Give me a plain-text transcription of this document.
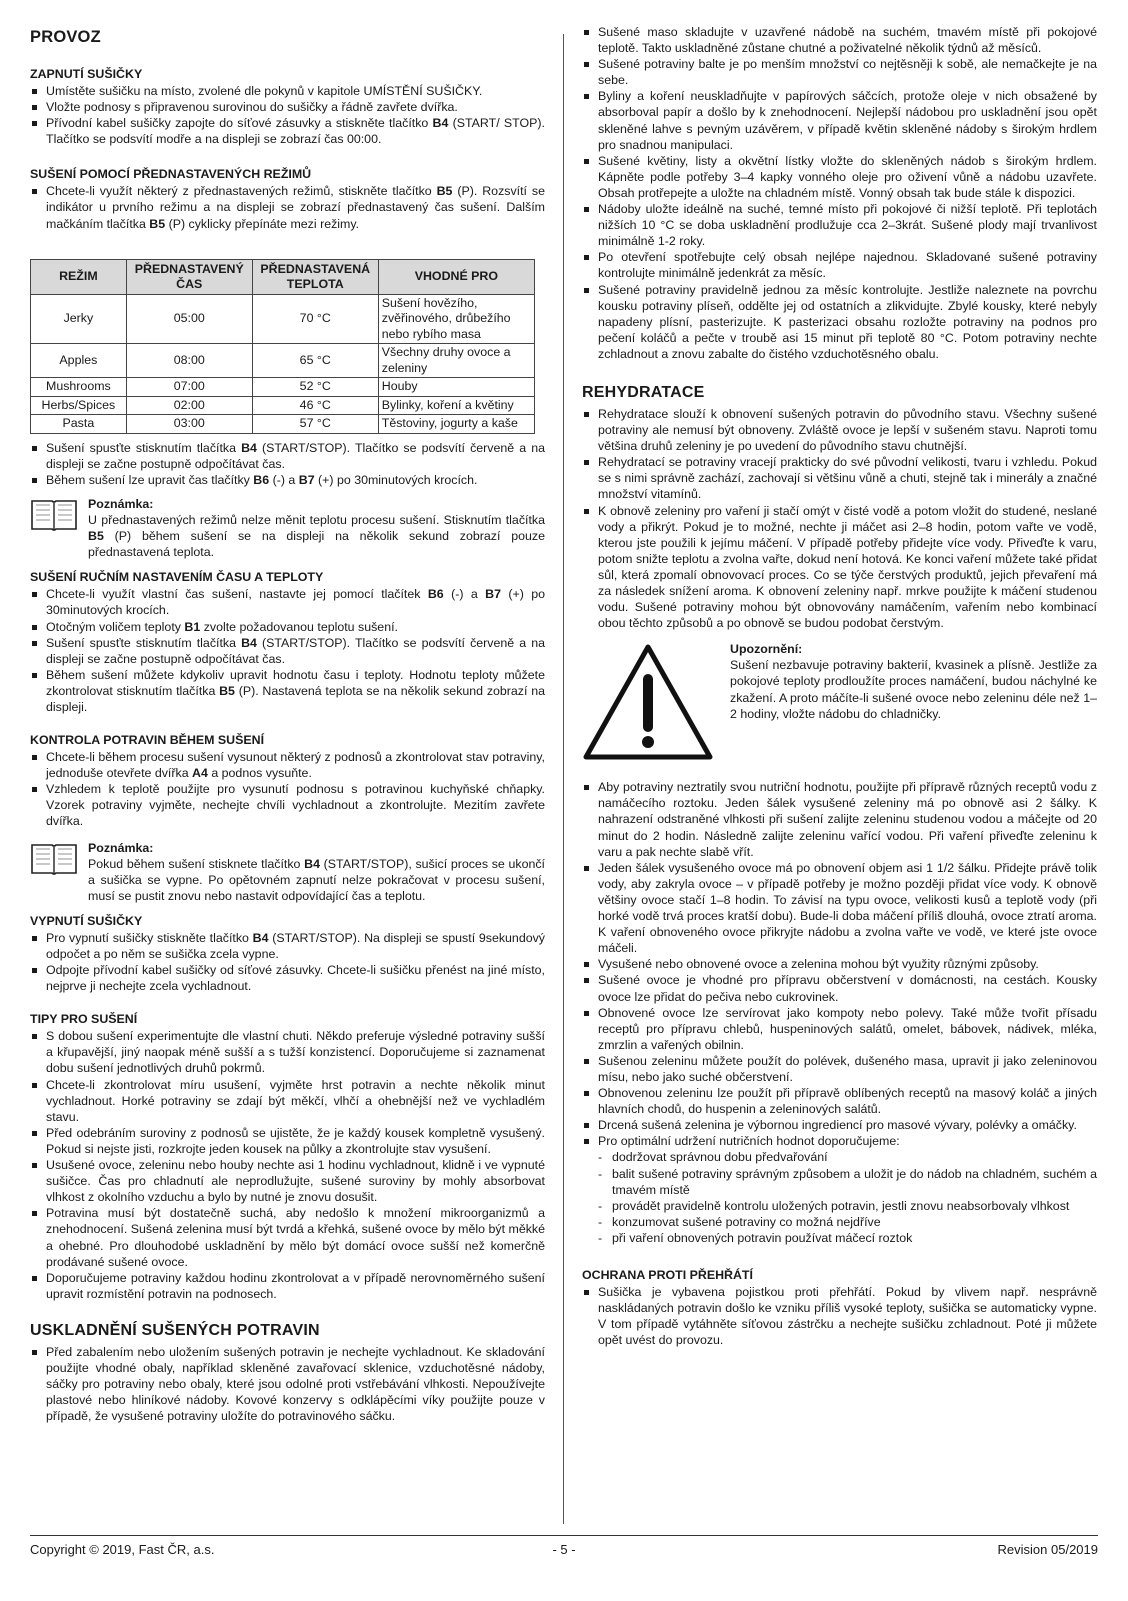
PROVOZ
ZAPNUTÍ SUŠIČKY
Umístěte sušičku na místo, zvolené dle pokynů v kapitole UMÍSTĚNÍ SUŠIČKY.
Vložte podnosy s připravenou surovinou do sušičky a řádně zavřete dvířka.
Přívodní kabel sušičky zapojte do síťové zásuvky a stiskněte tlačítko B4 (START/ STOP). Tlačítko se podsvítí modře a na displeji se zobrazí čas 00:00.
SUŠENÍ POMOCÍ PŘEDNASTAVENÝCH REŽIMŮ
Chcete-li využít některý z přednastavených režimů, stiskněte tlačítko B5 (P). Rozsvítí se indikátor u prvního režimu a na displeji se zobrazí přednastavený čas sušení. Dalším mačkáním tlačítka B5 (P) cyklicky přepínáte mezi režimy.
REŽIM	PŘEDNASTAVENÝ ČAS	PŘEDNASTAVENÁ TEPLOTA	VHODNÉ PRO
Jerky	05:00	70 °C	Sušení hovězího, zvěřinového, drůbežího nebo rybího masa
Apples	08:00	65 °C	Všechny druhy ovoce a zeleniny
Mushrooms	07:00	52 °C	Houby
Herbs/Spices	02:00	46 °C	Bylinky, koření a květiny
Pasta	03:00	57 °C	Těstoviny, jogurty a kaše
Sušení spusťte stisknutím tlačítka B4 (START/STOP). Tlačítko se podsvítí červeně a na displeji se začne postupně odpočítávat čas.
Během sušení lze upravit čas tlačítky B6 (-) a B7 (+) po 30minutových krocích.
Poznámka:
U přednastavených režimů nelze měnit teplotu procesu sušení. Stisknutím tlačítka B5 (P) během sušení se na displeji na několik sekund zobrazí pouze přednastavená teplota.
SUŠENÍ RUČNÍM NASTAVENÍM ČASU A TEPLOTY
Chcete-li využít vlastní čas sušení, nastavte jej pomocí tlačítek B6 (-) a B7 (+) po 30minutových krocích.
Otočným voličem teploty B1 zvolte požadovanou teplotu sušení.
Sušení spusťte stisknutím tlačítka B4 (START/STOP). Tlačítko se podsvítí červeně a na displeji se začne postupně odpočítávat čas.
Během sušení můžete kdykoliv upravit hodnotu času i teploty. Hodnotu teploty můžete zkontrolovat stisknutím tlačítka B5 (P). Nastavená teplota se na několik sekund zobrazí na displeji.
KONTROLA POTRAVIN BĚHEM SUŠENÍ
Chcete-li během procesu sušení vysunout některý z podnosů a zkontrolovat stav potraviny, jednoduše otevřete dvířka A4 a podnos vysuňte.
Vzhledem k teplotě použijte pro vysunutí podnosu s potravinou kuchyňské chňapky. Vzorek potraviny vyjměte, nechejte chvíli vychladnout a zkontrolujte. Mezitím zavřete dvířka.
Poznámka:
Pokud během sušení stisknete tlačítko B4 (START/STOP), sušicí proces se ukončí a sušička se vypne. Po opětovném zapnutí nelze pokračovat v procesu sušení, musí se pustit znovu nebo nastavit odpovídající čas a teplotu.
VYPNUTÍ SUŠIČKY
Pro vypnutí sušičky stiskněte tlačítko B4 (START/STOP). Na displeji se spustí 9sekundový odpočet a po něm se sušička zcela vypne.
Odpojte přívodní kabel sušičky od síťové zásuvky. Chcete-li sušičku přenést na jiné místo, nejprve ji nechejte zcela vychladnout.
TIPY PRO SUŠENÍ
S dobou sušení experimentujte dle vlastní chuti. Někdo preferuje výsledné potraviny sušší a křupavější, jiný naopak méně sušší a s tužší konzistencí. Doporučujeme si zaznamenat dobu sušení jednotlivých druhů pokrmů.
Chcete-li zkontrolovat míru usušení, vyjměte hrst potravin a nechte několik minut vychladnout. Horké potraviny se zdají být měkčí, vlhčí a ohebnější než ve vychladlém stavu.
Před odebráním suroviny z podnosů se ujistěte, že je každý kousek kompletně vysušený. Pokud si nejste jisti, rozkrojte jeden kousek na půlky a zkontrolujte stav vysušení.
Usušené ovoce, zeleninu nebo houby nechte asi 1 hodinu vychladnout, klidně i ve vypnuté sušičce. Čas pro chladnutí ale neprodlužujte, sušené suroviny by mohly absorbovat vlhkost z okolního vzduchu a bylo by nutné je znovu dosušit.
Potravina musí být dostatečně suchá, aby nedošlo k množení mikroorganizmů a znehodnocení. Sušená zelenina musí být tvrdá a křehká, sušené ovoce by mělo být měkké a ohebné. Pro dlouhodobé uskladnění by mělo být domácí ovoce sušší než komerčně prodávané sušené ovoce.
Doporučujeme potraviny každou hodinu zkontrolovat a v případě nerovnoměrného sušení upravit rozmístění potravin na podnosech.
USKLADNĚNÍ SUŠENÝCH POTRAVIN
Před zabalením nebo uložením sušených potravin je nechejte vychladnout. Ke skladování použijte vhodné obaly, například skleněné zavařovací sklenice, vzduchotěsné nádoby, sáčky pro potraviny nebo obaly, které jsou odolné proti vstřebávání vlhkosti. Nepoužívejte plastové nebo hliníkové nádoby. Kovové konzervy s odklápěcími víky použijte pouze v případě, že vysušené potraviny uložíte do potravinového sáčku.
Sušené maso skladujte v uzavřené nádobě na suchém, tmavém místě při pokojové teplotě. Takto uskladněné zůstane chutné a poživatelné několik týdnů až měsíců.
Sušené potraviny balte je po menším množství co nejtěsněji k sobě, ale nemačkejte je na sebe.
Byliny a koření neuskladňujte v papírových sáčcích, protože oleje v nich obsažené by absorboval papír a došlo by k znehodnocení. Nejlepší nádobou pro uskladnění jsou opět skleněné lahve s pevným uzávěrem, v případě květin skleněné nádoby s širokým hrdlem pro snadnou manipulaci.
Sušené květiny, listy a okvětní lístky vložte do skleněných nádob s širokým hrdlem. Kápněte podle potřeby 3–4 kapky vonného oleje pro oživení vůně a nádobu uzavřete. Obsah protřepejte a uložte na chladném místě. Vonný obsah tak bude stále k dispozici.
Nádoby uložte ideálně na suché, temné místo při pokojové či nižší teplotě. Při teplotách nižších 10 °C se doba uskladnění prodlužuje cca 2–3krát. Sušené plody mají trvanlivost minimálně 1-2 roky.
Po otevření spotřebujte celý obsah nejlépe najednou. Skladované sušené potraviny kontrolujte minimálně jedenkrát za měsíc.
Sušené potraviny pravidelně jednou za měsíc kontrolujte. Jestliže naleznete na povrchu kousku potraviny plíseň, oddělte jej od ostatních a zlikvidujte. Zbylé kousky, které nebyly napadeny plísní, pasterizujte. K pasterizaci obsahu rozložte potraviny na podnos pro pečení koláčů a pečte v troubě asi 15 minut při teplotě 80 °C. Potom potraviny nechte zchladnout a znovu zabalte do čistého vzduchotěsného obalu.
REHYDRATACE
Rehydratace slouží k obnovení sušených potravin do původního stavu. Všechny sušené potraviny ale nemusí být obnoveny. Zvláště ovoce je lepší v sušeném stavu. Naproti tomu většina druhů zeleniny je po uvedení do původního stavu chutnější.
Rehydratací se potraviny vracejí prakticky do své původní velikosti, tvaru i vzhledu. Pokud se s nimi správně zachází, zachovají si většinu vůně a chuti, stejně tak i minerály a značné množství vitamínů.
K obnově zeleniny pro vaření ji stačí omýt v čisté vodě a potom vložit do studené, neslané vody a přikrýt. Pokud je to možné, nechte ji máčet asi 2–8 hodin, potom vařte ve vodě, kterou jste použili k jejímu máčení. V případě potřeby přidejte více vody. Přiveďte k varu, potom snižte teplotu a zvolna vařte, dokud není hotová. Ke konci vaření můžete také přidat sůl, která zpomalí obnovovací proces. Co se týče čerstvých produktů, jejich převaření má za následek snížení aroma. K obnovení zeleniny např. mrkve použijte k máčení studenou vodu. Sušené potraviny mohou být obnovovány namáčením, vařením nebo kombinací obou těchto způsobů a po obnově se budou podobat čerstvým.
Upozornění:
Sušení nezbavuje potraviny bakterií, kvasinek a plísně. Jestliže za pokojové teploty prodloužíte proces namáčení, budou náchylné ke zkažení. A proto máčíte-li sušené ovoce nebo zeleninu déle než 1–2 hodiny, vložte nádobu do chladničky.
Aby potraviny neztratily svou nutriční hodnotu, použijte při přípravě různých receptů vodu z namáčecího roztoku. Jeden šálek vysušené zeleniny má po obnově asi 2 šálky. K nahrazení odstraněné vlhkosti při sušení zalijte zeleninu studenou vodou a máčejte od 20 minut do 2 hodin. Následně zalijte zeleninu vařící vodou. Při vaření přiveďte zeleninu k varu a pak nechte slabě vřít.
Jeden šálek vysušeného ovoce má po obnovení objem asi 1 1/2 šálku. Přidejte právě tolik vody, aby zakryla ovoce – v případě potřeby je možno později přidat více vody. K obnově většiny ovoce stačí 1–8 hodin. To závisí na typu ovoce, velikosti kusů a teplotě vody (při horké vodě trvá proces kratší dobu). Bude-li doba máčení příliš dlouhá, ovoce ztratí aroma. K vaření obnoveného ovoce přikryjte nádobu a zvolna vařte ve vodě, ve které jste ovoce máčeli.
Vysušené nebo obnovené ovoce a zelenina mohou být využity různými způsoby.
Sušené ovoce je vhodné pro přípravu občerstvení v domácnosti, na cestách. Kousky ovoce lze přidat do pečiva nebo cukrovinek.
Obnovené ovoce lze servírovat jako kompoty nebo polevy. Také může tvořit přísadu receptů pro přípravu chlebů, huspeninových salátů, omelet, bábovek, nádivek, mléka, zmrzlin a vařených obilnin.
Sušenou zeleninu můžete použít do polévek, dušeného masa, upravit ji jako zeleninovou mísu, nebo jako suché občerstvení.
Obnovenou zeleninu lze použít při přípravě oblíbených receptů na masový koláč a jiných hlavních chodů, do huspenin a zeleninových salátů.
Drcená sušená zelenina je výbornou ingrediencí pro masové vývary, polévky a omáčky.
Pro optimální udržení nutričních hodnot doporučujeme:
- dodržovat správnou dobu předvařování
- balit sušené potraviny správným způsobem a uložit je do nádob na chladném, suchém a tmavém místě
- provádět pravidelně kontrolu uložených potravin, jestli znovu neabsorbovaly vlhkost
- konzumovat sušené potraviny co možná nejdříve
- při vaření obnovených potravin používat máčecí roztok
OCHRANA PROTI PŘEHŘÁTÍ
Sušička je vybavena pojistkou proti přehřátí. Pokud by vlivem např. nesprávně naskládaných potravin došlo ke vzniku příliš vysoké teploty, sušička se automaticky vypne. V tom případě vytáhněte síťovou zástrčku a nechejte sušičku zchladnout. Poté ji můžete opět uvést do provozu.
Copyright © 2019, Fast ČR, a.s.	- 5 -	Revision 05/2019
